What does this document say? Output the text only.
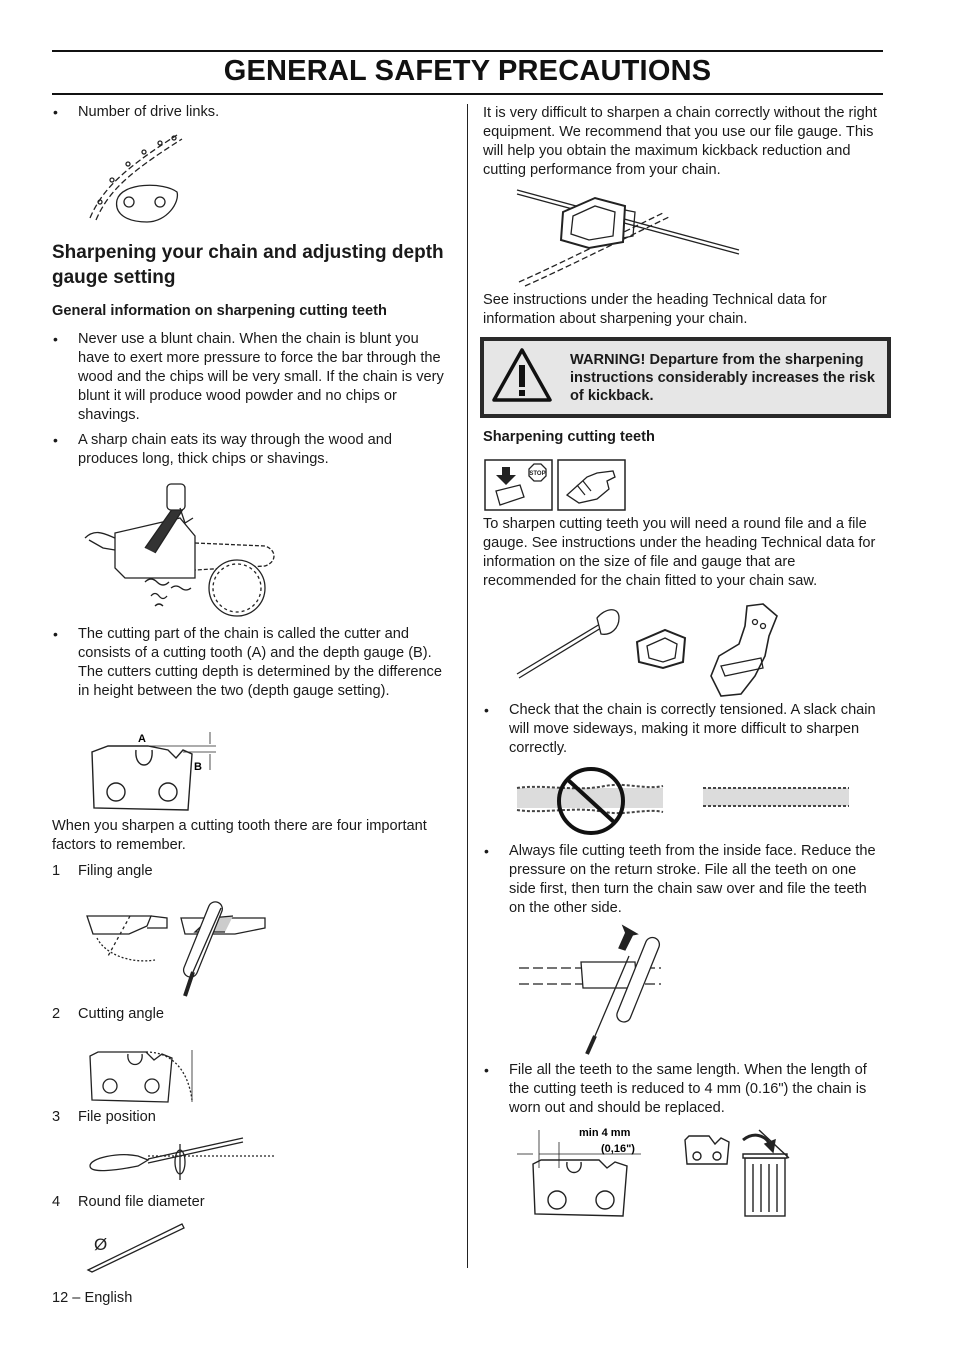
GENERAL SAFETY PRECAUTIONS
• Number of drive links.
Sharpening your chain and adjusting depth gauge setting
General information on sharpening cutting teeth
• Never use a blunt chain. When the chain is blunt you have to exert more pressure to force the bar through the wood and the chips will be very small. If the chain is very blunt it will produce wood powder and no chips or shavings.
• A sharp chain eats its way through the wood and produces long, thick chips or shavings.
• The cutting part of the chain is called the cutter and consists of a cutting tooth (A) and the depth gauge (B). The cutters cutting depth is determined by the difference in height between the two (depth gauge setting).
A
B
When you sharpen a cutting tooth there are four important factors to remember.
1 Filing angle
2 Cutting angle
3 File position
4 Round file diameter
Ø
12 – English
It is very difficult to sharpen a chain correctly without the right equipment. We recommend that you use our file gauge. This will help you obtain the maximum kickback reduction and cutting performance from your chain.
See instructions under the heading Technical data for information about sharpening your chain.
WARNING! Departure from the sharpening instructions considerably increases the risk of kickback.
Sharpening cutting teeth
STOP
To sharpen cutting teeth you will need a round file and a file gauge. See instructions under the heading Technical data for information on the size of file and gauge that are recommended for the chain fitted to your chain saw.
• Check that the chain is correctly tensioned. A slack chain will move sideways, making it more difficult to sharpen correctly.
• Always file cutting teeth from the inside face. Reduce the pressure on the return stroke. File all the teeth on one side first, then turn the chain saw over and file the teeth on the other side.
• File all the teeth to the same length. When the length of the cutting teeth is reduced to 4 mm (0.16") the chain is worn out and should be replaced.
min 4 mm
(0,16")
